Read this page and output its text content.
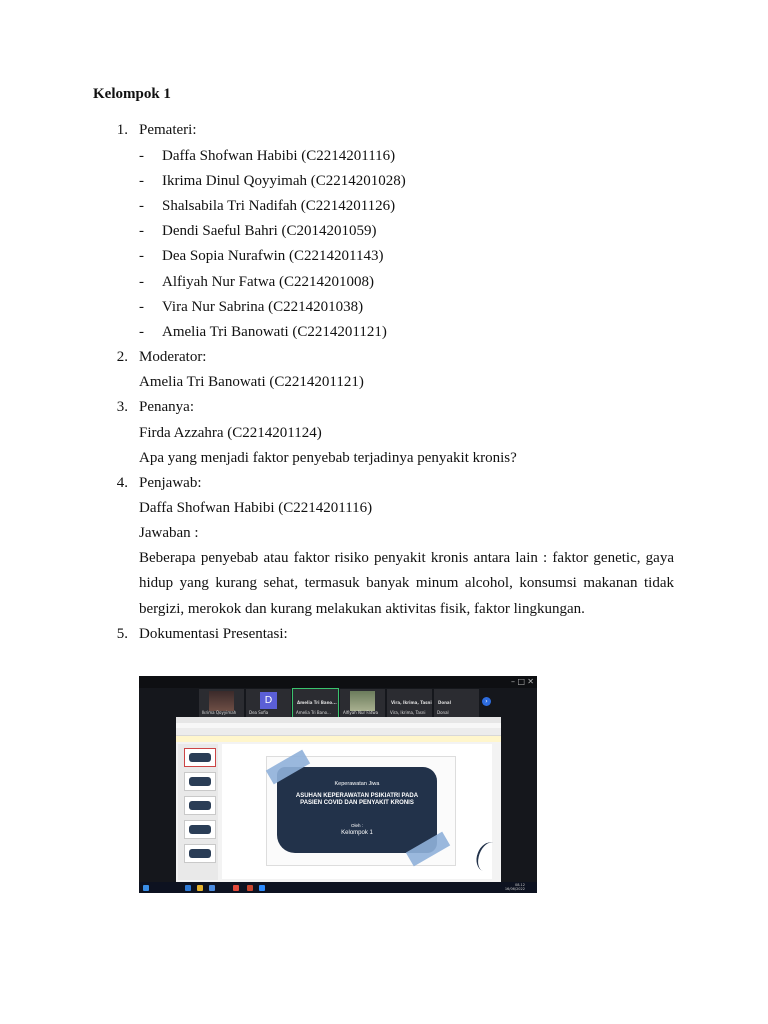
Kelompok 1
1. Pemateri:
- Daffa Shofwan Habibi (C2214201116)
- Ikrima Dinul Qoyyimah (C2214201028)
- Shalsabila Tri Nadifah (C2214201126)
- Dendi Saeful Bahri (C2014201059)
- Dea Sopia Nurafwin (C2214201143)
- Alfiyah Nur Fatwa (C2214201008)
- Vira Nur Sabrina (C2214201038)
- Amelia Tri Banowati (C2214201121)
2. Moderator:
Amelia Tri Banowati (C2214201121)
3. Penanya:
Firda Azzahra (C2214201124)
Apa yang menjadi faktor penyebab terjadinya penyakit kronis?
4. Penjawab:
Daffa Shofwan Habibi (C2214201116)
Jawaban :
Beberapa penyebab atau faktor risiko penyakit kronis antara lain : faktor genetic, gaya hidup yang kurang sehat, termasuk banyak minum alcohol, konsumsi makanan tidak bergizi, merokok dan kurang melakukan aktivitas fisik, faktor lingkungan.
5. Dokumentasi Presentasi:
– □ ✕
Ikrima Qoyyimah
D
Dea Sofia
Amelia Tri Bano...
Amelia Tri Bano...	Alfiyah Nur Fatwa
Vira, Ikrima, Tasni
Vira, Ikrima, Tasni
Donal
Donal
›
Keperawatan Jiwa
ASUHAN KEPERAWATAN PSIKIATRI PADA PASIEN COVID DAN PENYAKIT KRONIS
Oleh :
Kelompok 1
08.12
16/06/2022
